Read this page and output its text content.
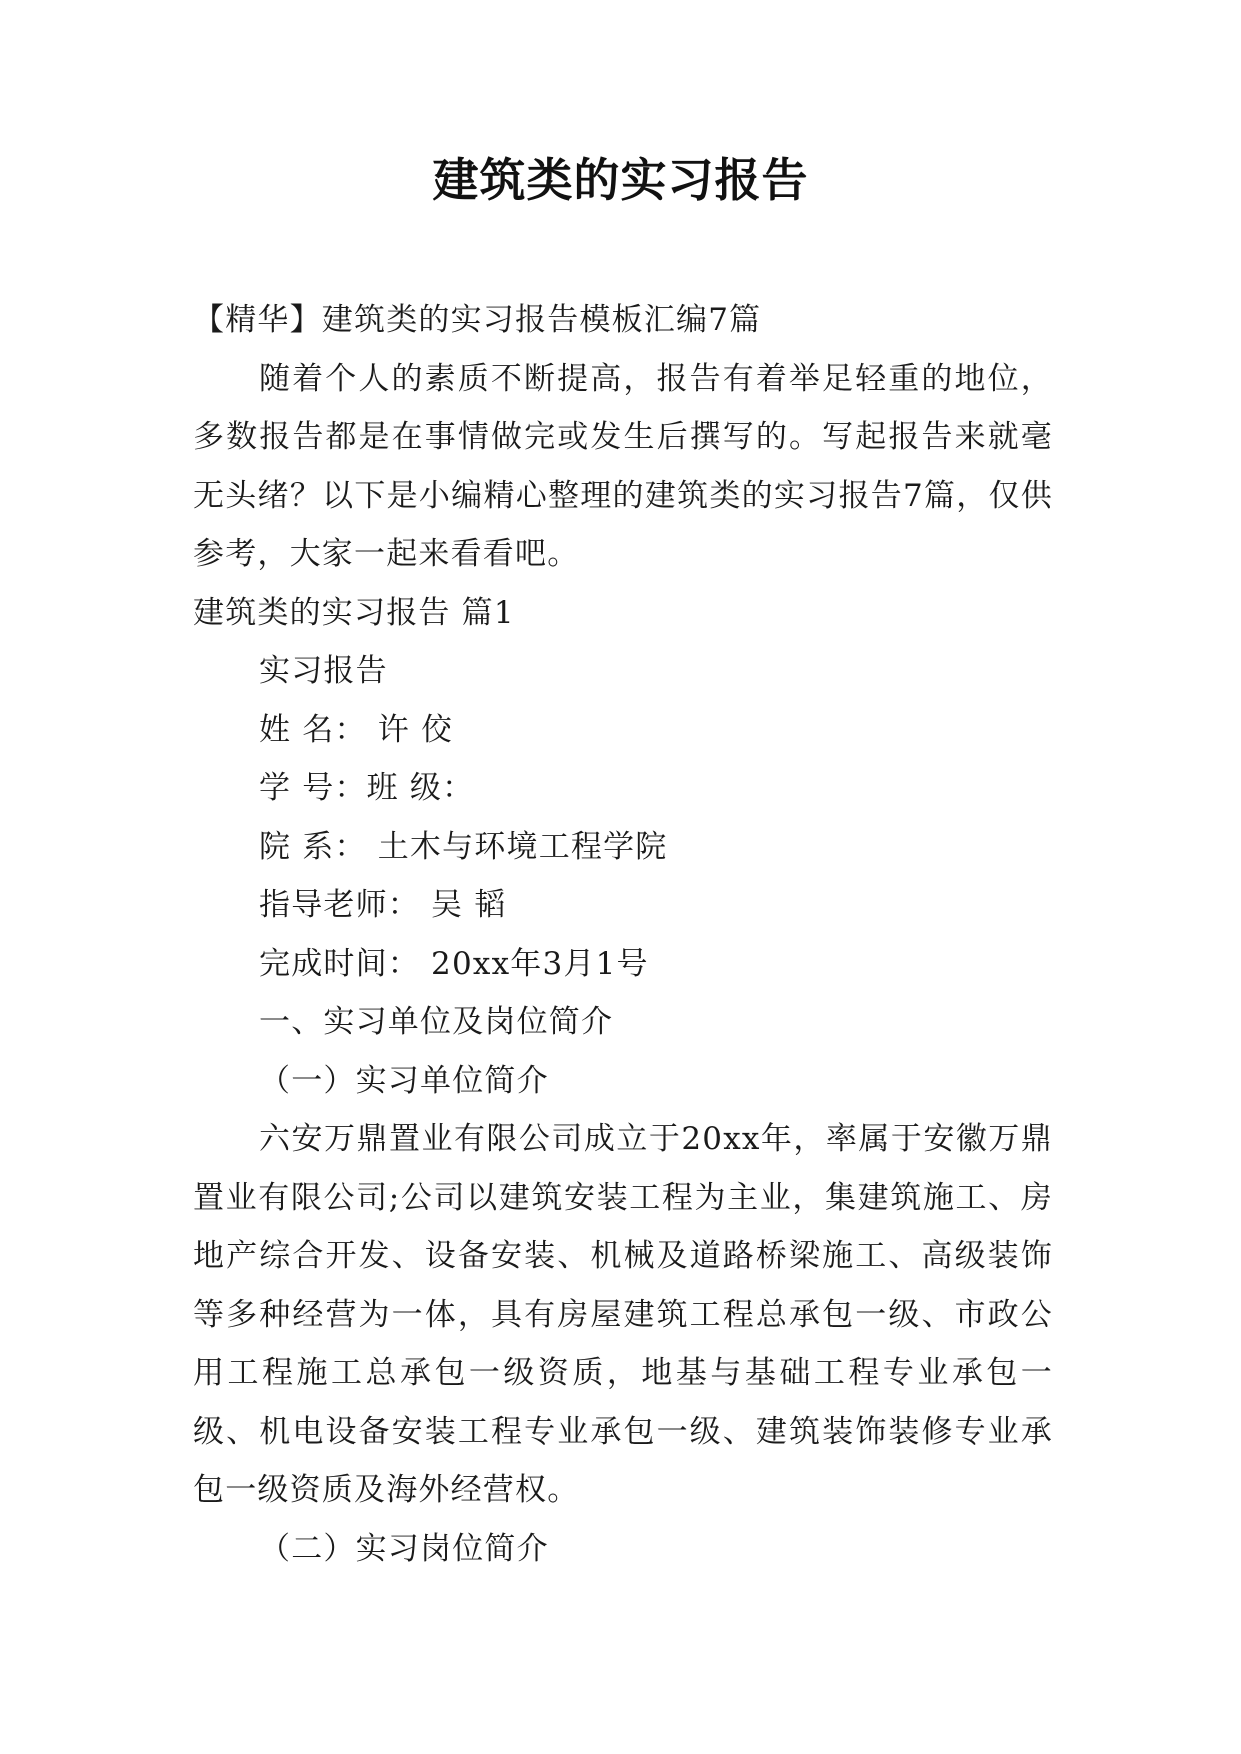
建筑类的实习报告
【精华】建筑类的实习报告模板汇编7篇
随着个人的素质不断提高，报告有着举足轻重的地位，多数报告都是在事情做完或发生后撰写的。写起报告来就毫无头绪？以下是小编精心整理的建筑类的实习报告7篇，仅供参考，大家一起来看看吧。
建筑类的实习报告 篇1
实习报告
姓 名： 许 佼
学 号：班 级：
院 系： 土木与环境工程学院
指导老师： 吴 韬
完成时间： 20xx年3月1号
一、实习单位及岗位简介
（一）实习单位简介
六安万鼎置业有限公司成立于20xx年，率属于安徽万鼎置业有限公司;公司以建筑安装工程为主业，集建筑施工、房地产综合开发、设备安装、机械及道路桥梁施工、高级装饰等多种经营为一体，具有房屋建筑工程总承包一级、市政公用工程施工总承包一级资质，地基与基础工程专业承包一级、机电设备安装工程专业承包一级、建筑装饰装修专业承包一级资质及海外经营权。
（二）实习岗位简介
